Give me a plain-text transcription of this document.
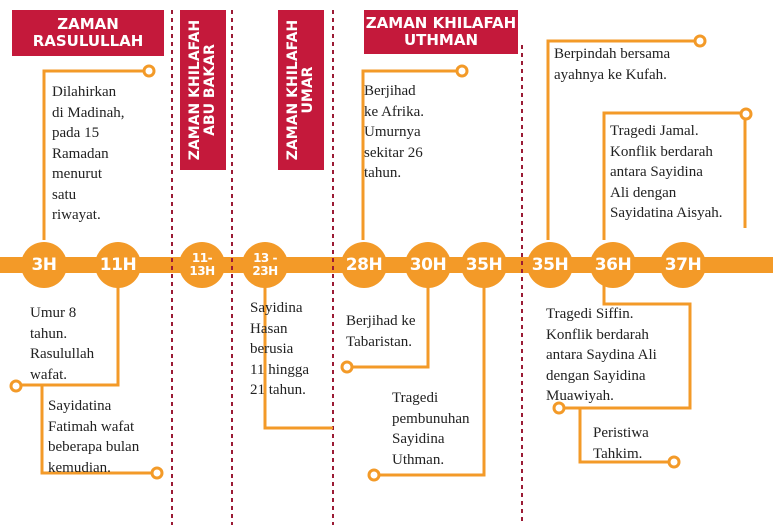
ZAMAN
RASULULLAH	ZAMAN KHILAFAH ABU BAKAR	ZAMAN KHILAFAH UMAR
ZAMAN KHILAFAH
UTHMAN
3H	11H	11-
13H
13 -
23H	28H 30H 35H 35H 36H 37H
Dilahirkan
di Madinah,
pada 15
Ramadan
menurut
satu
riwayat.
Umur 8
tahun.
Rasulullah
wafat.
Sayidatina
Fatimah wafat
beberapa bulan
kemudian.
Sayidina
Hasan
berusia
11 hingga
21 tahun.
Berjihad
ke Afrika.
Umurnya
sekitar 26
tahun.
Berjihad ke
Tabaristan.
Tragedi
pembunuhan
Sayidina
Uthman.
Berpindah bersama
ayahnya ke Kufah.
Tragedi Jamal.
Konflik berdarah
antara Sayidina
Ali dengan
Sayidatina Aisyah.
Tragedi Siffin.
Konflik berdarah
antara Saydina Ali
dengan Sayidina
Muawiyah.
Peristiwa
Tahkim.
